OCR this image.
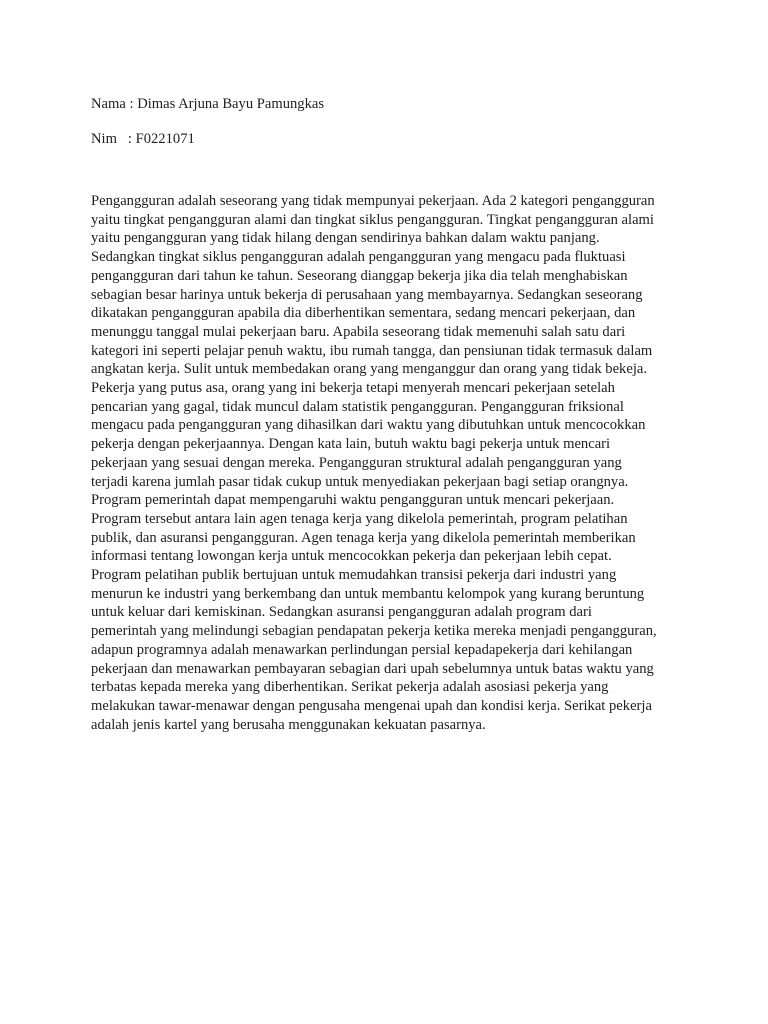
Nama : Dimas Arjuna Bayu Pamungkas

Nim   : F0221071

Pengangguran adalah seseorang yang tidak mempunyai pekerjaan. Ada 2 kategori pengangguran
yaitu tingkat pengangguran alami dan tingkat siklus pengangguran. Tingkat pengangguran alami
yaitu pengangguran yang tidak hilang dengan sendirinya bahkan dalam waktu panjang.
Sedangkan tingkat siklus pengangguran adalah pengangguran yang mengacu pada fluktuasi
pengangguran dari tahun ke tahun. Seseorang dianggap bekerja jika dia telah menghabiskan
sebagian besar harinya untuk bekerja di perusahaan yang membayarnya. Sedangkan seseorang
dikatakan pengangguran apabila dia diberhentikan sementara, sedang mencari pekerjaan, dan
menunggu tanggal mulai pekerjaan baru. Apabila seseorang tidak memenuhi salah satu dari
kategori ini seperti pelajar penuh waktu, ibu rumah tangga, dan pensiunan tidak termasuk dalam
angkatan kerja. Sulit untuk membedakan orang yang menganggur dan orang yang tidak bekeja.
Pekerja yang putus asa, orang yang ini bekerja tetapi menyerah mencari pekerjaan setelah
pencarian yang gagal, tidak muncul dalam statistik pengangguran. Pengangguran friksional
mengacu pada pengangguran yang dihasilkan dari waktu yang dibutuhkan untuk mencocokkan
pekerja dengan pekerjaannya. Dengan kata lain, butuh waktu bagi pekerja untuk mencari
pekerjaan yang sesuai dengan mereka. Pengangguran struktural adalah pengangguran yang
terjadi karena jumlah pasar tidak cukup untuk menyediakan pekerjaan bagi setiap orangnya.
Program pemerintah dapat mempengaruhi waktu pengangguran untuk mencari pekerjaan.
Program tersebut antara lain agen tenaga kerja yang dikelola pemerintah, program pelatihan
publik, dan asuransi pengangguran. Agen tenaga kerja yang dikelola pemerintah memberikan
informasi tentang lowongan kerja untuk mencocokkan pekerja dan pekerjaan lebih cepat.
Program pelatihan publik bertujuan untuk memudahkan transisi pekerja dari industri yang
menurun ke industri yang berkembang dan untuk membantu kelompok yang kurang beruntung
untuk keluar dari kemiskinan. Sedangkan asuransi pengangguran adalah program dari
pemerintah yang melindungi sebagian pendapatan pekerja ketika mereka menjadi pengangguran,
adapun programnya adalah menawarkan perlindungan persial kepadapekerja dari kehilangan
pekerjaan dan menawarkan pembayaran sebagian dari upah sebelumnya untuk batas waktu yang
terbatas kepada mereka yang diberhentikan. Serikat pekerja adalah asosiasi pekerja yang
melakukan tawar-menawar dengan pengusaha mengenai upah dan kondisi kerja. Serikat pekerja
adalah jenis kartel yang berusaha menggunakan kekuatan pasarnya.
